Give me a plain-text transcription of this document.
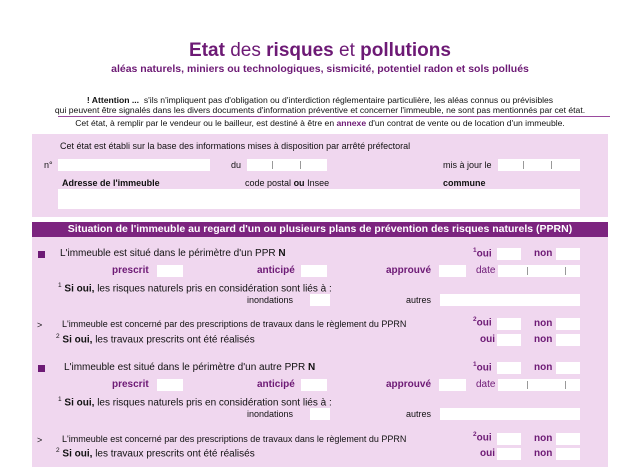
Etat des risques et pollutions
aléas naturels, miniers ou technologiques, sismicité, potentiel radon et sols pollués
! Attention ... s'ils n'impliquent pas d'obligation ou d'interdiction réglementaire particulière, les aléas connus ou prévisibles
qui peuvent être signalés dans les divers documents d'information préventive et concerner l'immeuble, ne sont pas mentionnés par cet état.
Cet état, à remplir par le vendeur ou le bailleur, est destiné à être en annexe d'un contrat de vente ou de location d'un immeuble.
Cet état est établi sur la base des informations mises à disposition par arrêté préfectoral
n°	du	mis à jour le
Adresse de l'immeuble	code postal ou Insee	commune
Situation de l'immeuble au regard d'un ou plusieurs plans de prévention des risques naturels (PPRN)
L'immeuble est situé dans le périmètre d'un PPR N	$^1$oui	non
prescrit	anticipé	approuvé	date
$^1$ Si oui, les risques naturels pris en considération sont liés à :
inondations	autres
> L'immeuble est concerné par des prescriptions de travaux dans le règlement du PPRN	$^2$oui	non
$^2$ Si oui, les travaux prescrits ont été réalisés	oui	non
L'immeuble est situé dans le périmètre d'un autre PPR N	$^1$oui	non
prescrit	anticipé	approuvé	date
$^1$ Si oui, les risques naturels pris en considération sont liés à :
inondations	autres
> L'immeuble est concerné par des prescriptions de travaux dans le règlement du PPRN	$^2$oui	non
$^2$ Si oui, les travaux prescrits ont été réalisés	oui	non
